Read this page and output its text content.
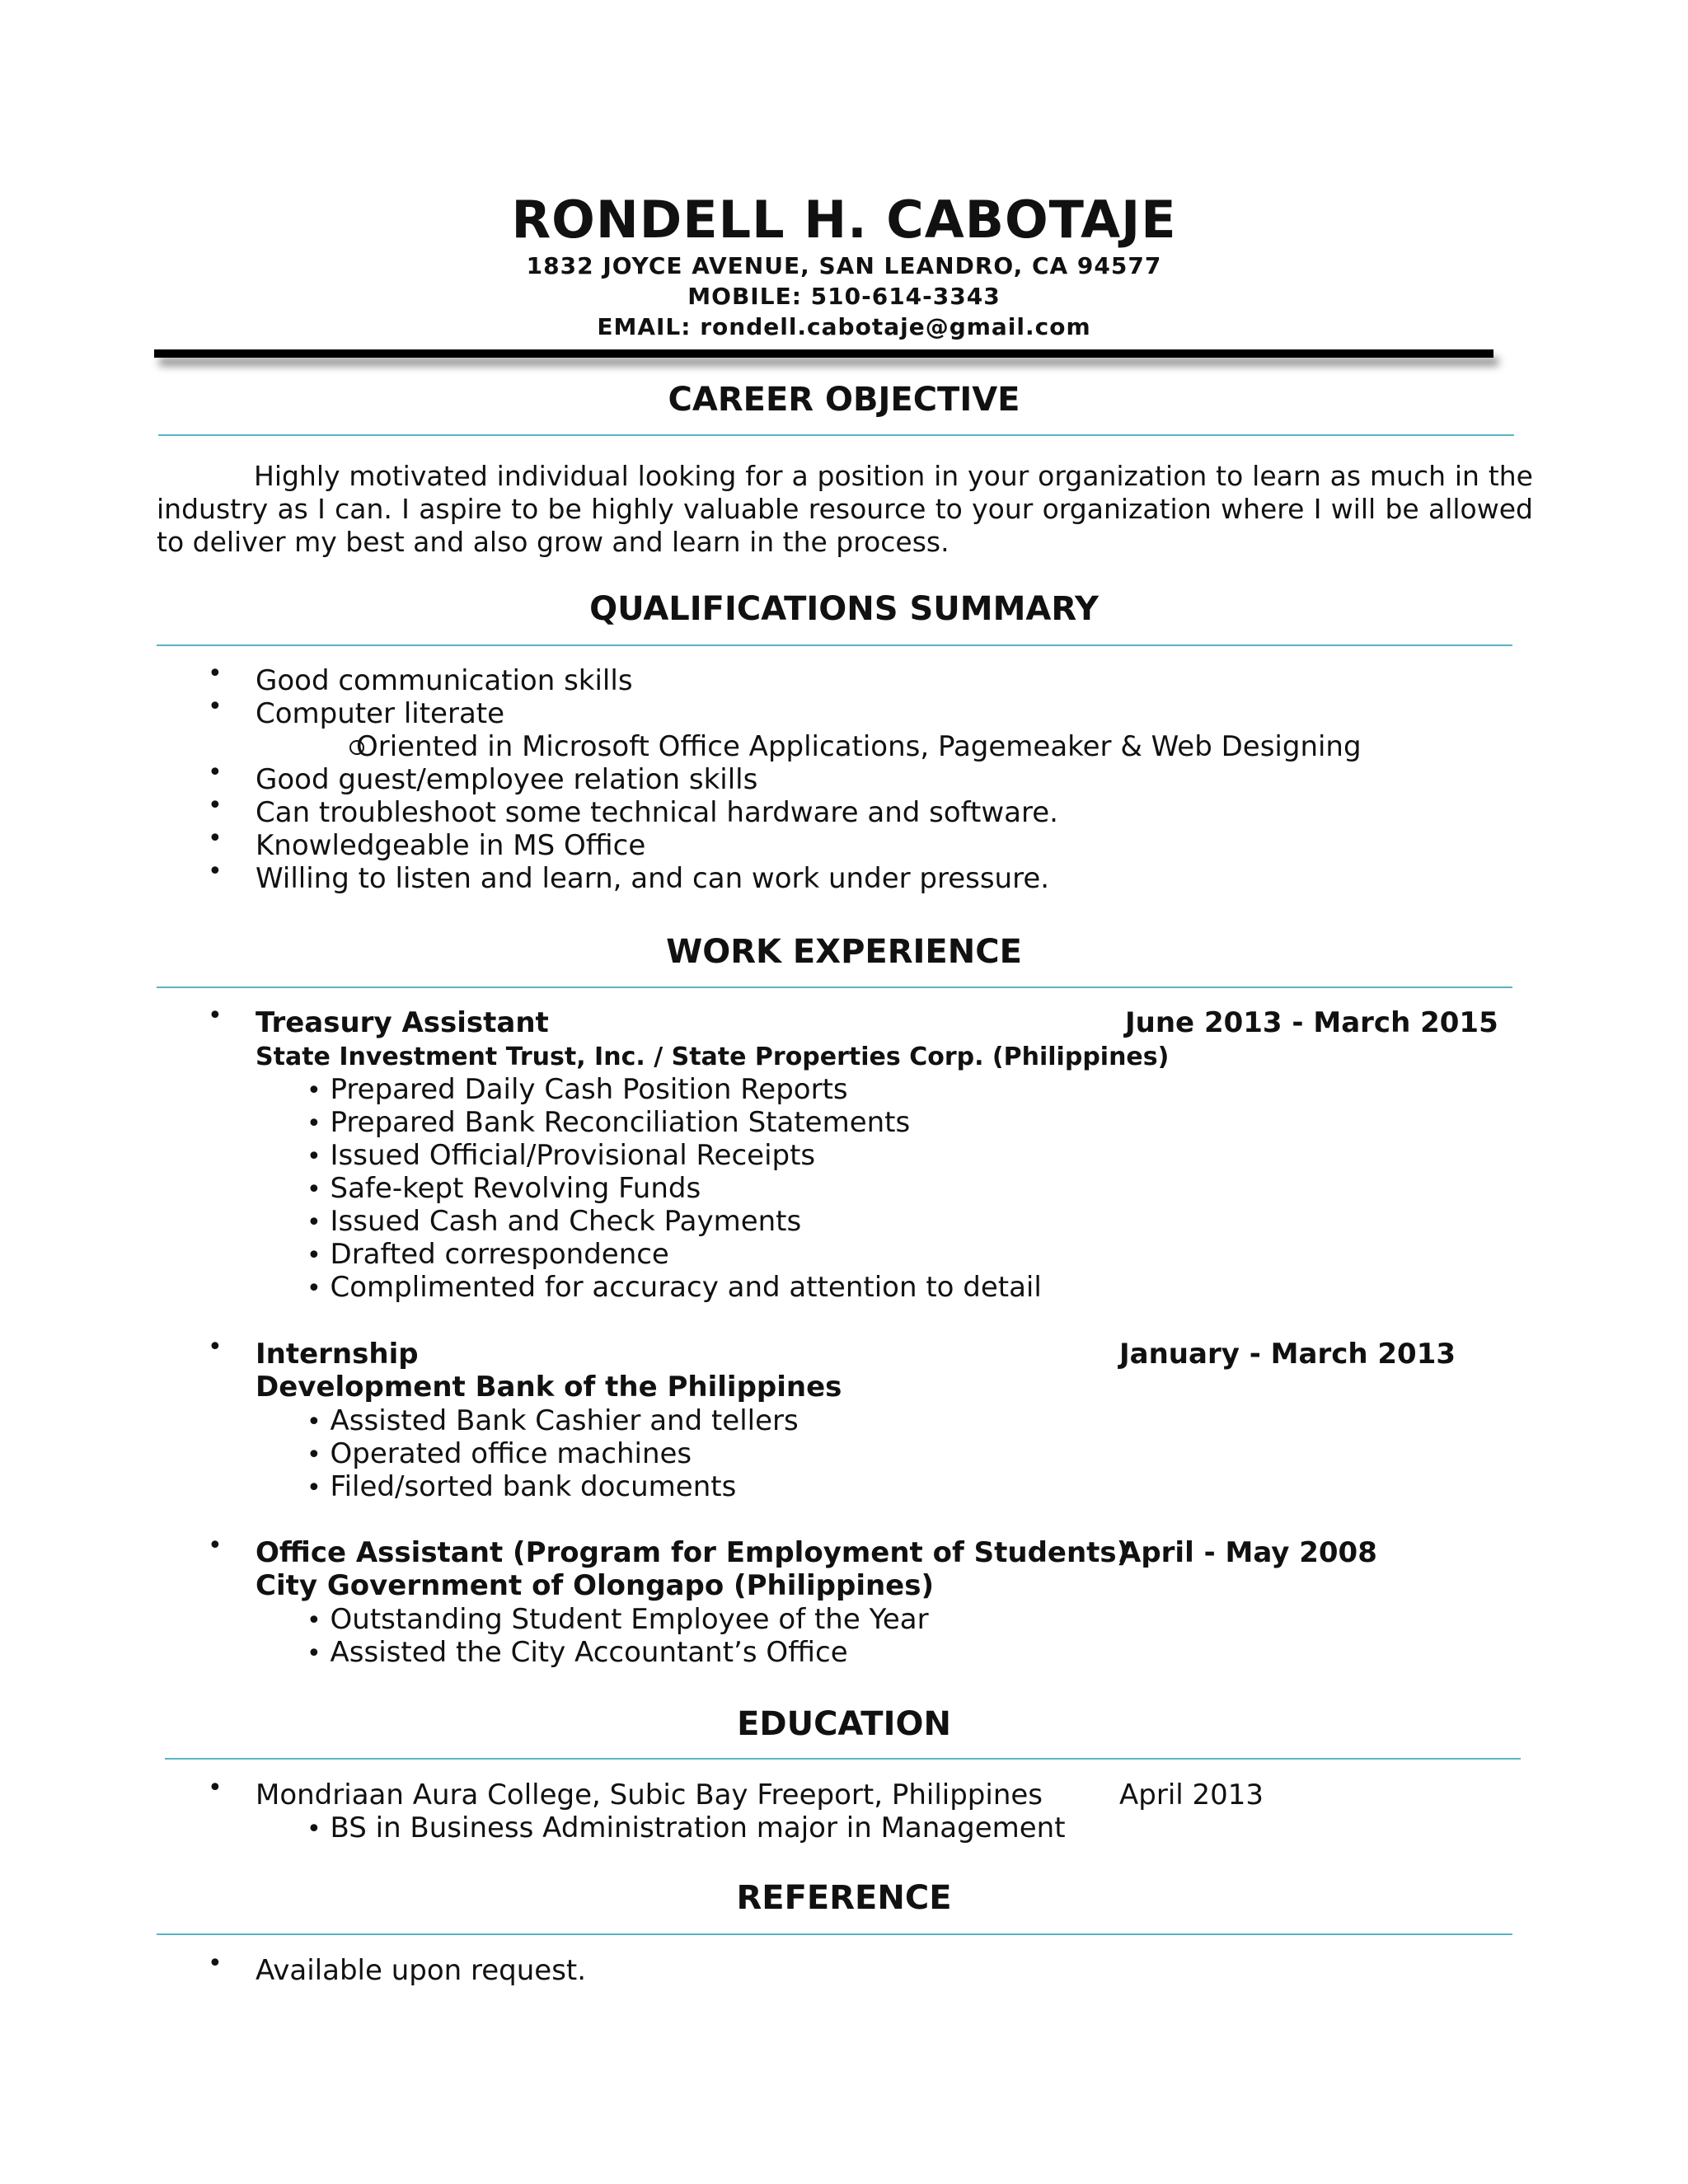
RONDELL H. CABOTAJE
1832 JOYCE AVENUE, SAN LEANDRO, CA 94577
MOBILE: 510-614-3343
EMAIL: rondell.cabotaje@gmail.com
CAREER OBJECTIVE
Highly motivated individual looking for a position in your organization to learn as much in the
industry as I can. I aspire to be highly valuable resource to your organization where I will be allowed
to deliver my best and also grow and learn in the process.
QUALIFICATIONS SUMMARY
• Good communication skills
• Computer literate
Oriented in Microsoft Office Applications, Pagemeaker & Web Designing
• Good guest/employee relation skills
• Can troubleshoot some technical hardware and software.
• Knowledgeable in MS Office
• Willing to listen and learn, and can work under pressure.
WORK EXPERIENCE
• Treasury Assistant	June 2013 - March 2015
State Investment Trust, Inc. / State Properties Corp. (Philippines)
• Prepared Daily Cash Position Reports
• Prepared Bank Reconciliation Statements
• Issued Official/Provisional Receipts
• Safe-kept Revolving Funds
• Issued Cash and Check Payments
• Drafted correspondence
• Complimented for accuracy and attention to detail
• Internship	January - March 2013
Development Bank of the Philippines
• Assisted Bank Cashier and tellers
• Operated office machines
• Filed/sorted bank documents
• Office Assistant (Program for Employment of Students)
April - May 2008
City Government of Olongapo (Philippines)
• Outstanding Student Employee of the Year
• Assisted the City Accountant’s Office
EDUCATION
• Mondriaan Aura College, Subic Bay Freeport, Philippines	April 2013
• BS in Business Administration major in Management
REFERENCE
• Available upon request.
